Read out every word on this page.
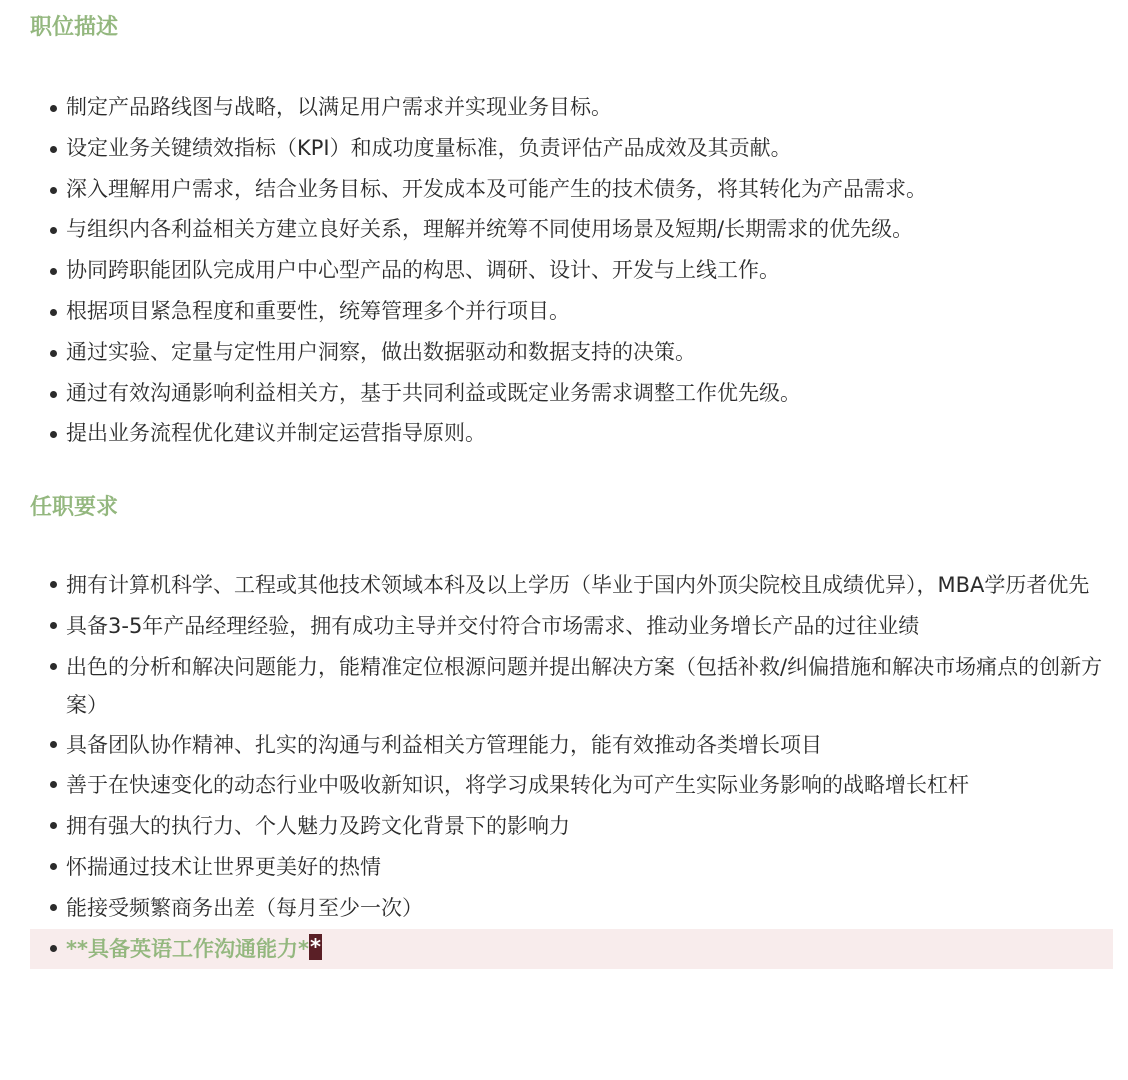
职位描述
制定产品路线图与战略，以满足用户需求并实现业务目标。
设定业务关键绩效指标（KPI）和成功度量标准，负责评估产品成效及其贡献。
深入理解用户需求，结合业务目标、开发成本及可能产生的技术债务，将其转化为产品需求。
与组织内各利益相关方建立良好关系，理解并统筹不同使用场景及短期/长期需求的优先级。
协同跨职能团队完成用户中心型产品的构思、调研、设计、开发与上线工作。
根据项目紧急程度和重要性，统筹管理多个并行项目。
通过实验、定量与定性用户洞察，做出数据驱动和数据支持的决策。
通过有效沟通影响利益相关方，基于共同利益或既定业务需求调整工作优先级。
提出业务流程优化建议并制定运营指导原则。
任职要求
拥有计算机科学、工程或其他技术领域本科及以上学历（毕业于国内外顶尖院校且成绩优异），MBA学历者优先
具备3-5年产品经理经验，拥有成功主导并交付符合市场需求、推动业务增长产品的过往业绩
出色的分析和解决问题能力，能精准定位根源问题并提出解决方案（包括补救/纠偏措施和解决市场痛点的创新方案）
具备团队协作精神、扎实的沟通与利益相关方管理能力，能有效推动各类增长项目
善于在快速变化的动态行业中吸收新知识，将学习成果转化为可产生实际业务影响的战略增长杠杆
拥有强大的执行力、个人魅力及跨文化背景下的影响力
怀揣通过技术让世界更美好的热情
能接受频繁商务出差（每月至少一次）
**具备英语工作沟通能力**
